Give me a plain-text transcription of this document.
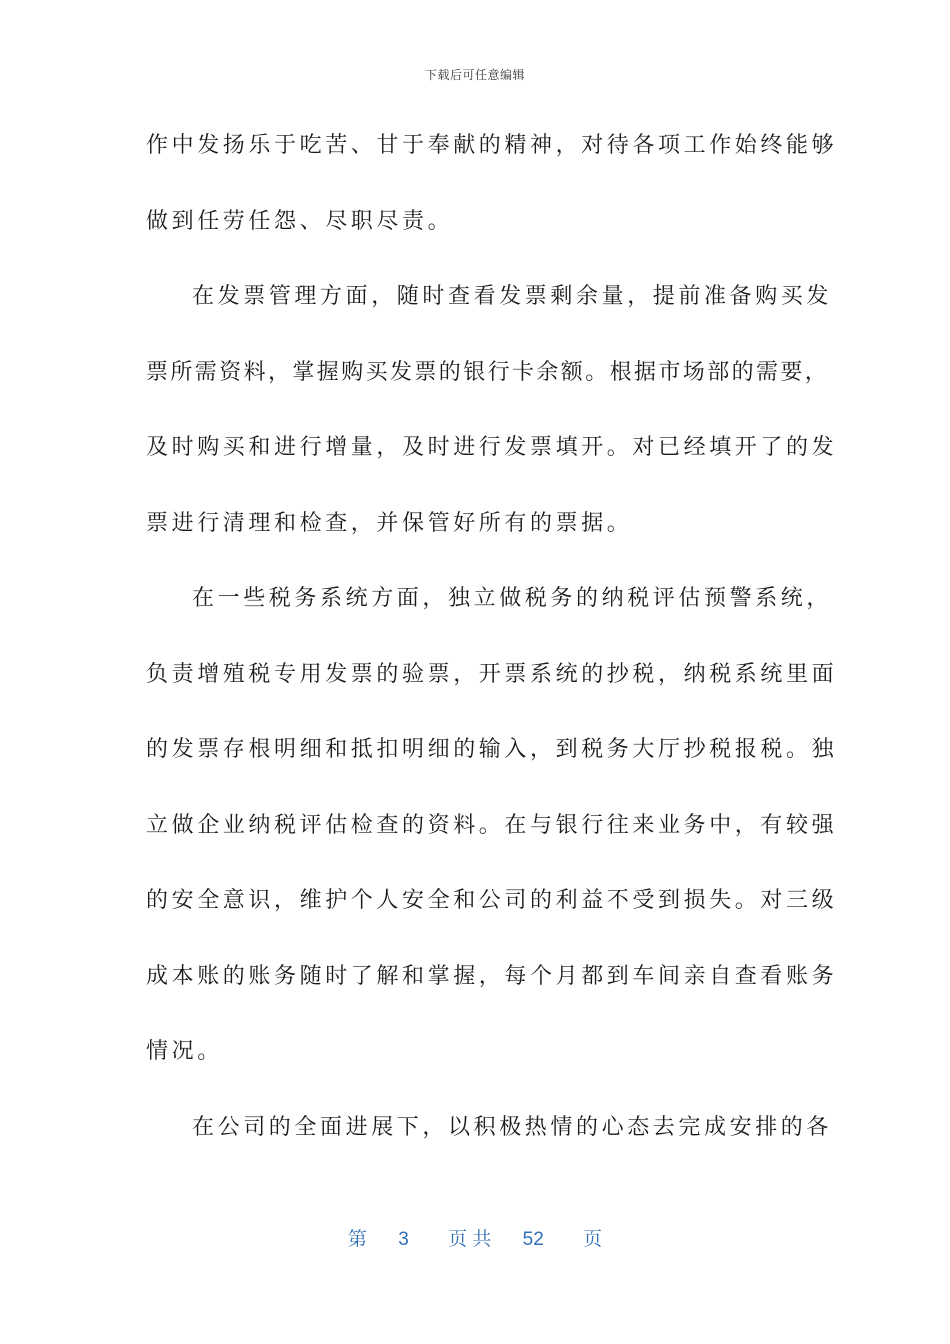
下载后可任意编辑
作中发扬乐于吃苦、甘于奉献的精神，对待各项工作始终能够
做到任劳任怨、尽职尽责。
在发票管理方面，随时查看发票剩余量，提前准备购买发
票所需资料，掌握购买发票的银行卡余额。根据市场部的需要，
及时购买和进行增量，及时进行发票填开。对已经填开了的发
票进行清理和检查，并保管好所有的票据。
在一些税务系统方面，独立做税务的纳税评估预警系统，
负责增殖税专用发票的验票，开票系统的抄税，纳税系统里面
的发票存根明细和抵扣明细的输入，到税务大厅抄税报税。独
立做企业纳税评估检查的资料。在与银行往来业务中，有较强
的安全意识，维护个人安全和公司的利益不受到损失。对三级
成本账的账务随时了解和掌握，每个月都到车间亲自查看账务
情况。
在公司的全面进展下，以积极热情的心态去完成安排的各
第 3 页 共 52 页
